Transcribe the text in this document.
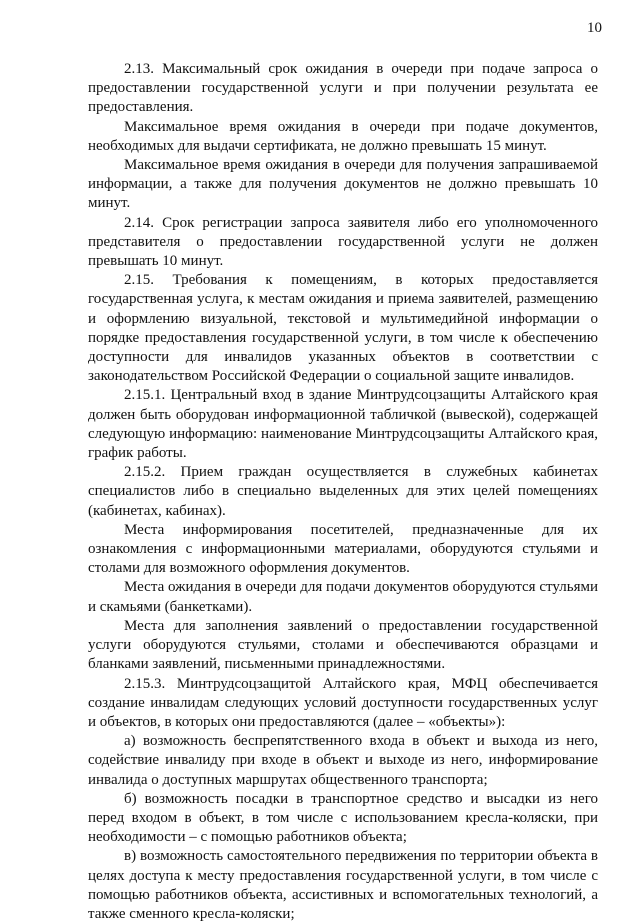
10

2.13. Максимальный срок ожидания в очереди при подаче запроса о предоставлении государственной услуги и при получении результата ее предоставления.

Максимальное время ожидания в очереди при подаче документов, необходимых для выдачи сертификата, не должно превышать 15 минут.

Максимальное время ожидания в очереди для получения запрашиваемой информации, а также для получения документов не должно превышать 10 минут.

2.14. Срок регистрации запроса заявителя либо его уполномоченного представителя о предоставлении государственной услуги не должен превышать 10 минут.

2.15. Требования к помещениям, в которых предоставляется государственная услуга, к местам ожидания и приема заявителей, размещению и оформлению визуальной, текстовой и мультимедийной информации о порядке предоставления государственной услуги, в том числе к обеспечению доступности для инвалидов указанных объектов в соответствии с законодательством Российской Федерации о социальной защите инвалидов.

2.15.1. Центральный вход в здание Минтрудсоцзащиты Алтайского края должен быть оборудован информационной табличкой (вывеской), содержащей следующую информацию: наименование Минтрудсоцзащиты Алтайского края, график работы.

2.15.2. Прием граждан осуществляется в служебных кабинетах специалистов либо в специально выделенных для этих целей помещениях (кабинетах, кабинах).

Места информирования посетителей, предназначенные для их ознакомления с информационными материалами, оборудуются стульями и столами для возможного оформления документов.

Места ожидания в очереди для подачи документов оборудуются стульями и скамьями (банкетками).

Места для заполнения заявлений о предоставлении государственной услуги оборудуются стульями, столами и обеспечиваются образцами и бланками заявлений, письменными принадлежностями.

2.15.3. Минтрудсоцзащитой Алтайского края, МФЦ обеспечивается создание инвалидам следующих условий доступности государственных услуг и объектов, в которых они предоставляются (далее – «объекты»):

а) возможность беспрепятственного входа в объект и выхода из него, содействие инвалиду при входе в объект и выходе из него, информирование инвалида о доступных маршрутах общественного транспорта;

б) возможность посадки в транспортное средство и высадки из него перед входом в объект, в том числе с использованием кресла-коляски, при необходимости – с помощью работников объекта;

в) возможность самостоятельного передвижения по территории объекта в целях доступа к месту предоставления государственной услуги, в том числе с помощью работников объекта, ассистивных и вспомогательных технологий, а также сменного кресла-коляски;
